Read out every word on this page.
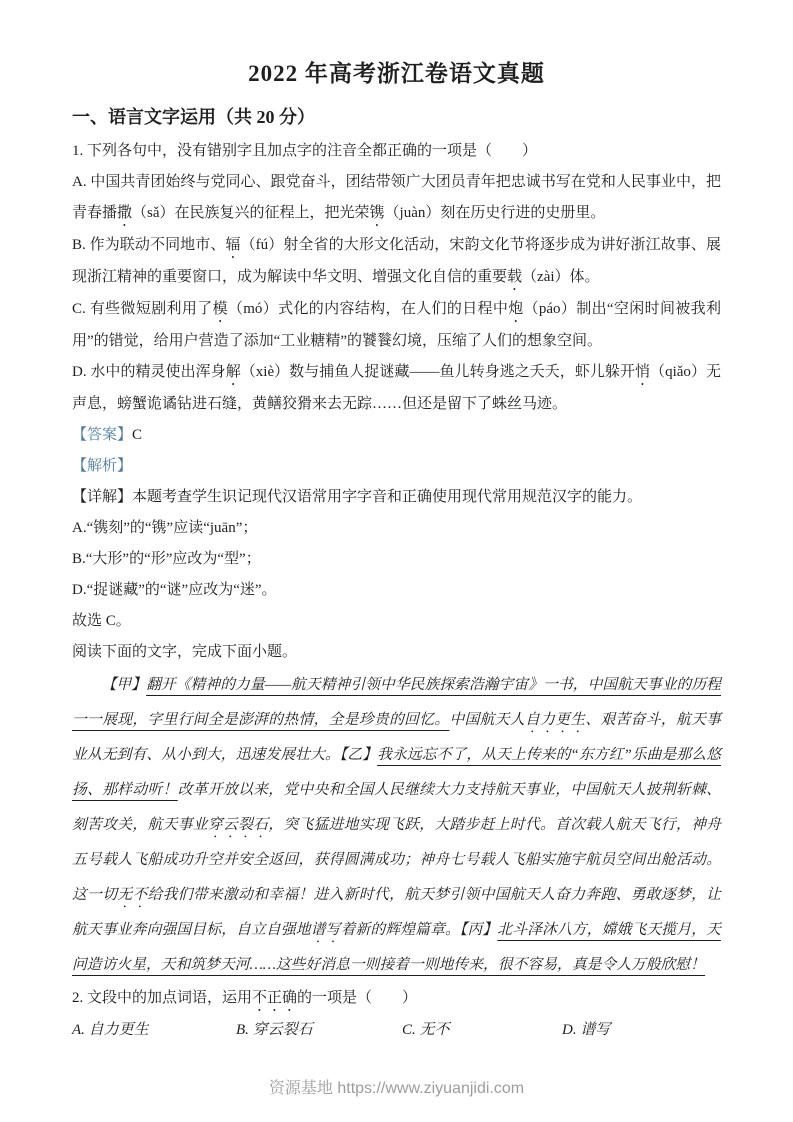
2022 年高考浙江卷语文真题
一、语言文字运用（共 20 分）

1. 下列各句中，没有错别字且加点字的注音全都正确的一项是（　　）

A. 中国共青团始终与党同心、跟党奋斗，团结带领广大团员青年把忠诚书写在党和人民事业中，把青春播撒（sǎ）在民族复兴的征程上，把光荣镌（juàn）刻在历史行进的史册里。

B. 作为联动不同地市、辐（fú）射全省的大形文化活动，宋韵文化节将逐步成为讲好浙江故事、展现浙江精神的重要窗口，成为解读中华文明、增强文化自信的重要载（zài）体。

C. 有些微短剧利用了模（mó）式化的内容结构，在人们的日程中炮（páo）制出“空闲时间被我利用”的错觉，给用户营造了添加“工业糖精”的饕餮幻境，压缩了人们的想象空间。

D. 水中的精灵使出浑身解（xiè）数与捕鱼人捉谜藏——鱼儿转身逃之夭夭，虾儿躲开悄（qiǎo）无声息，螃蟹诡谲钻进石缝，黄鳝狡猾来去无踪……但还是留下了蛛丝马迹。

【答案】C

【解析】

【详解】本题考查学生识记现代汉语常用字字音和正确使用现代常用规范汉字的能力。

A.“镌刻”的“镌”应读“juān”；

B.“大形”的“形”应改为“型”；

D.“捉谜藏”的“谜”应改为“迷”。

故选 C。

阅读下面的文字，完成下面小题。

【甲】翻开《精神的力量——航天精神引领中华民族探索浩瀚宇宙》一书，中国航天事业的历程一一展现，字里行间全是澎湃的热情，全是珍贵的回忆。中国航天人自力更生、艰苦奋斗，航天事业从无到有、从小到大，迅速发展壮大。【乙】我永远忘不了，从天上传来的“东方红”乐曲是那么悠扬、那样动听！改革开放以来，党中央和全国人民继续大力支持航天事业，中国航天人披荆斩棘、刻苦攻关，航天事业穿云裂石，突飞猛进地实现飞跃，大踏步赶上时代。首次载人航天飞行，神舟五号载人飞船成功升空并安全返回，获得圆满成功；神舟七号载人飞船实施宇航员空间出舱活动。这一切无不给我们带来激动和幸福！进入新时代，航天梦引领中国航天人奋力奔跑、勇敢逐梦，让航天事业奔向强国目标，自立自强地谱写着新的辉煌篇章。【丙】北斗泽沐八方，嫦娥飞天揽月，天问造访火星，天和筑梦天河……这些好消息一则接着一则地传来，很不容易，真是令人万般欣慰！

2. 文段中的加点词语，运用不正确的一项是（　　）

A. 自力更生	B. 穿云裂石	C. 无不	D. 谱写
资源基地 https://www.ziyuanjidi.com
